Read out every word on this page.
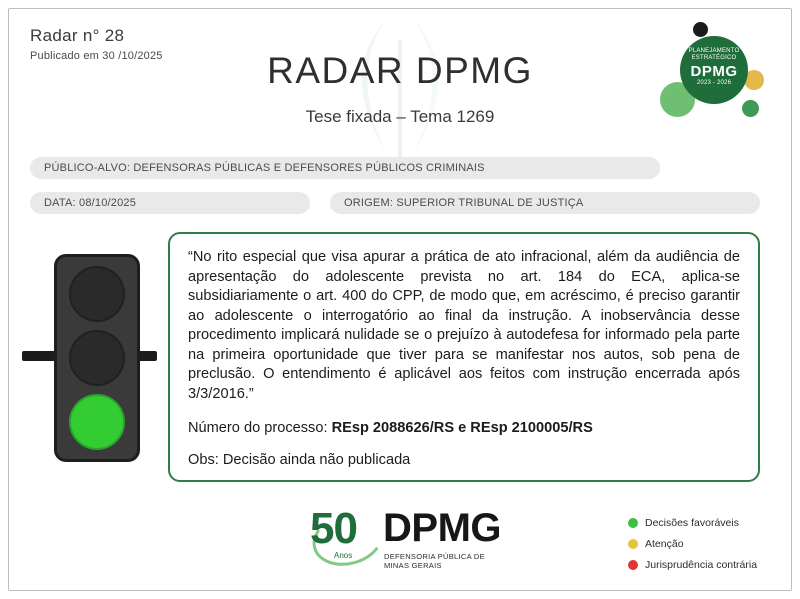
Radar n° 28
Publicado em 30 /10/2025	RADAR DPMG
Tese fixada – Tema 1269
PLANEJAMENTO
ESTRATÉGICO
DPMG
2023 - 2026
PÚBLICO-ALVO: DEFENSORAS PÚBLICAS E DEFENSORES PÚBLICOS CRIMINAIS
DATA: 08/10/2025	ORIGEM: SUPERIOR TRIBUNAL DE JUSTIÇA

“No rito especial que visa apurar a prática de ato infracional, além da audiência de apresentação do adolescente prevista no art. 184 do ECA, aplica-se subsidiariamente o art. 400 do CPP, de modo que, em acréscimo, é preciso garantir ao adolescente o interrogatório ao final da instrução. A inobservância desse procedimento implicará nulidade se o prejuízo à autodefesa for informado pela parte na primeira oportunidade que tiver para se manifestar nos autos, sob pena de preclusão. O entendimento é aplicável aos feitos com instrução encerrada após 3/3/2016.”

Número do processo: REsp 2088626/RS e REsp 2100005/RS

Obs: Decisão ainda não publicada

50
Anos
DPMG
DEFENSORIA PÚBLICA DE MINAS GERAIS
Decisões favoráveis
Atenção
Jurisprudência contrária
